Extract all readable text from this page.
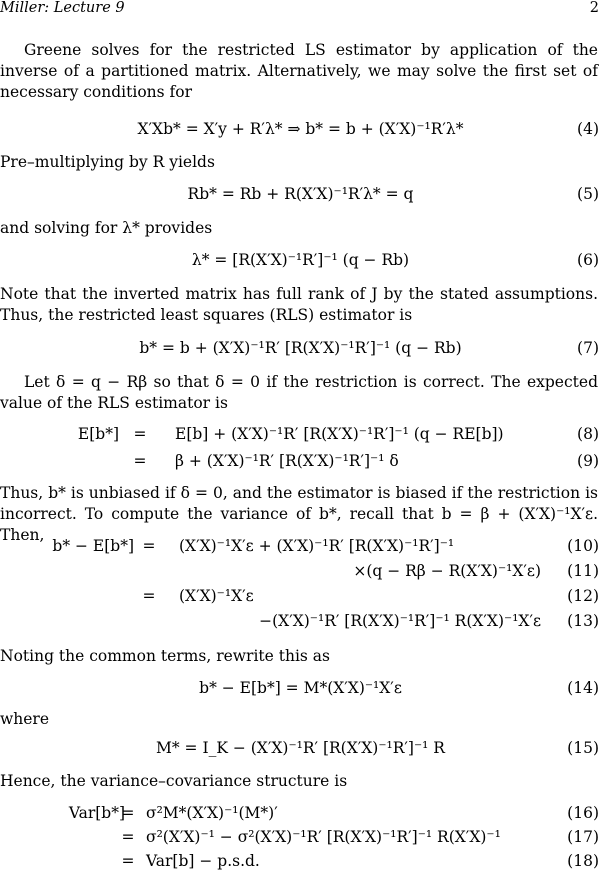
Miller: Lecture 9	2
Greene solves for the restricted LS estimator by application of the inverse of a partitioned matrix. Alternatively, we may solve the first set of necessary conditions for
X′Xb* = X′y + R′λ* ⇒ b* = b + (X′X)⁻¹R′λ*	(4)
Pre–multiplying by R yields
Rb* = Rb + R(X′X)⁻¹R′λ* = q	(5)
and solving for λ* provides
λ* = [R(X′X)⁻¹R′]⁻¹ (q − Rb)	(6)
Note that the inverted matrix has full rank of J by the stated assumptions. Thus, the restricted least squares (RLS) estimator is
b* = b + (X′X)⁻¹R′ [R(X′X)⁻¹R′]⁻¹ (q − Rb)	(7)
Let δ = q − Rβ so that δ = 0 if the restriction is correct. The expected value of the RLS estimator is
E[b*] = E[b] + (X′X)⁻¹R′ [R(X′X)⁻¹R′]⁻¹ (q − RE[b])	(8)
= β + (X′X)⁻¹R′ [R(X′X)⁻¹R′]⁻¹ δ	(9)
Thus, b* is unbiased if δ = 0, and the estimator is biased if the restriction is incorrect. To compute the variance of b*, recall that b = β + (X′X)⁻¹X′ε. Then,
b* − E[b*] = (X′X)⁻¹X′ε + (X′X)⁻¹R′ [R(X′X)⁻¹R′]⁻¹	(10)
×(q − Rβ − R(X′X)⁻¹X′ε) (11)
= (X′X)⁻¹X′ε	(12)
−(X′X)⁻¹R′ [R(X′X)⁻¹R′]⁻¹ R(X′X)⁻¹X′ε (13)
Noting the common terms, rewrite this as
b* − E[b*] = M*(X′X)⁻¹X′ε	(14)
where
M* = I_K − (X′X)⁻¹R′ [R(X′X)⁻¹R′]⁻¹ R	(15)
Hence, the variance–covariance structure is
Var[b*]
= σ²M*(X′X)⁻¹(M*)′	(16)
= σ²(X′X)⁻¹ − σ²(X′X)⁻¹R′ [R(X′X)⁻¹R′]⁻¹ R(X′X)⁻¹	(17)
= Var[b] − p.s.d.	(18)
